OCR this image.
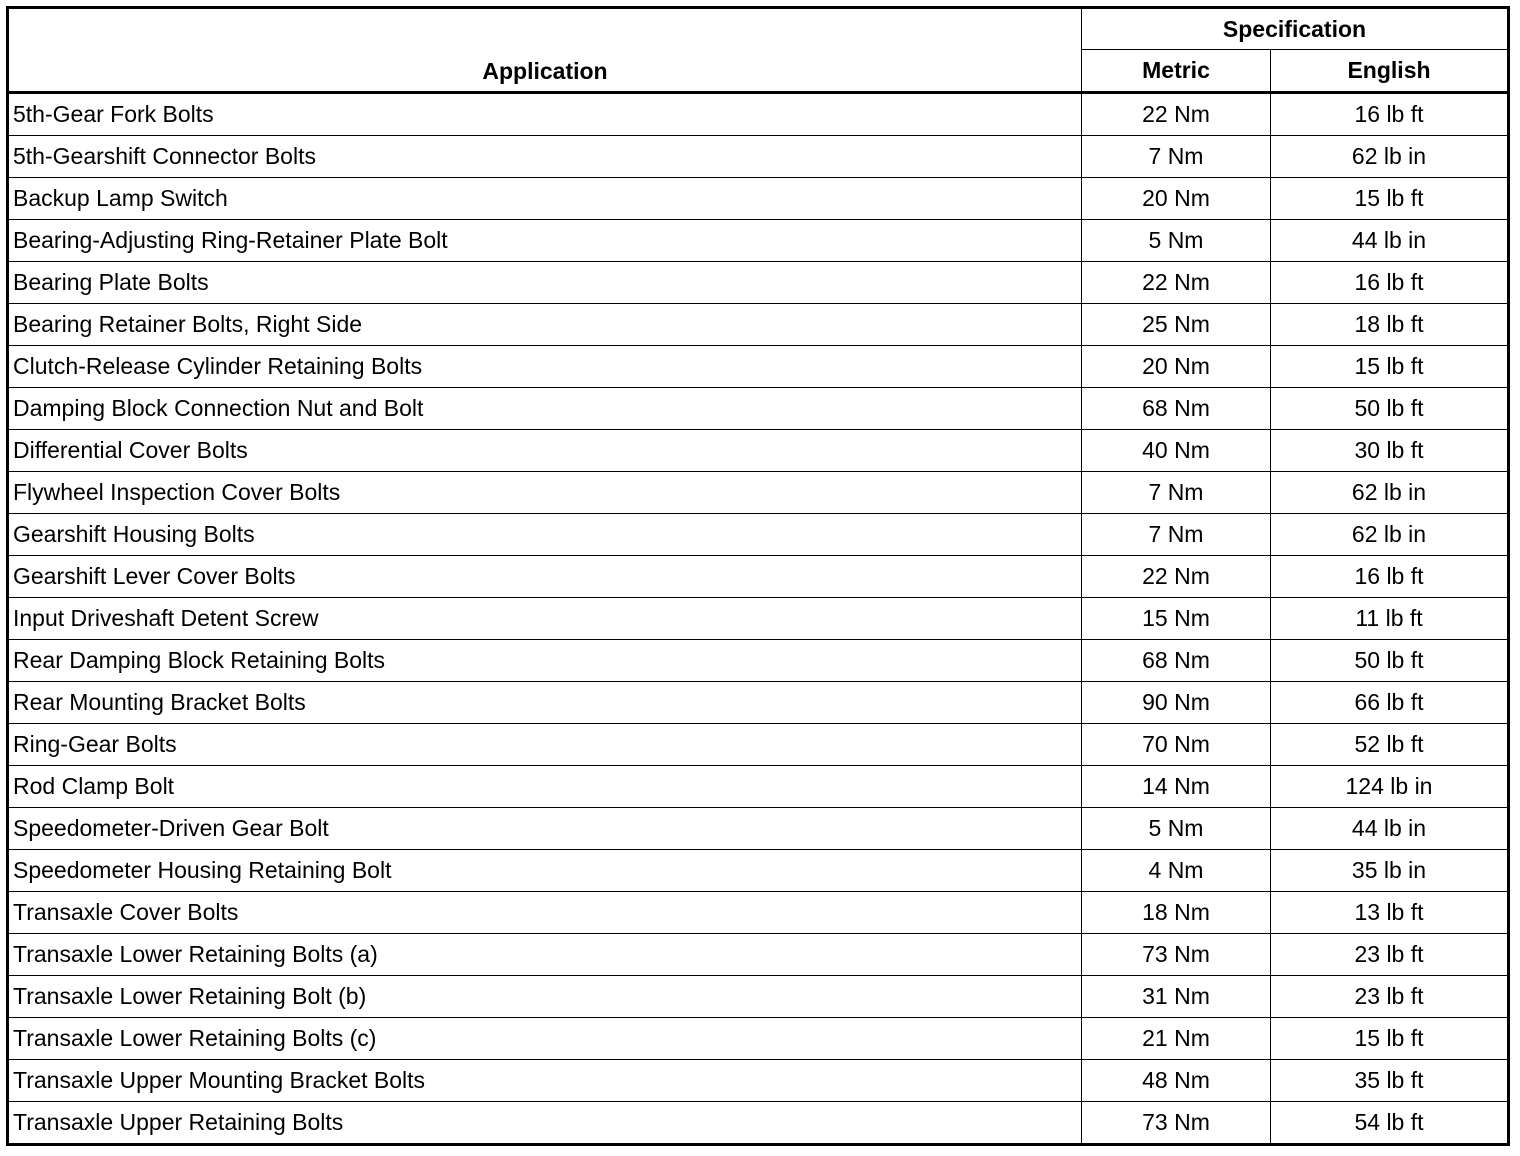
Application	Specification	
	Metric	English
5th-Gear Fork Bolts	22 Nm	16 lb ft
5th-Gearshift Connector Bolts	7 Nm	62 lb in
Backup Lamp Switch	20 Nm	15 lb ft
Bearing-Adjusting Ring-Retainer Plate Bolt	5 Nm	44 lb in
Bearing Plate Bolts	22 Nm	16 lb ft
Bearing Retainer Bolts, Right Side	25 Nm	18 lb ft
Clutch-Release Cylinder Retaining Bolts	20 Nm	15 lb ft
Damping Block Connection Nut and Bolt	68 Nm	50 lb ft
Differential Cover Bolts	40 Nm	30 lb ft
Flywheel Inspection Cover Bolts	7 Nm	62 lb in
Gearshift Housing Bolts	7 Nm	62 lb in
Gearshift Lever Cover Bolts	22 Nm	16 lb ft
Input Driveshaft Detent Screw	15 Nm	11 lb ft
Rear Damping Block Retaining Bolts	68 Nm	50 lb ft
Rear Mounting Bracket Bolts	90 Nm	66 lb ft
Ring-Gear Bolts	70 Nm	52 lb ft
Rod Clamp Bolt	14 Nm	124 lb in
Speedometer-Driven Gear Bolt	5 Nm	44 lb in
Speedometer Housing Retaining Bolt	4 Nm	35 lb in
Transaxle Cover Bolts	18 Nm	13 lb ft
Transaxle Lower Retaining Bolts (a)	73 Nm	23 lb ft
Transaxle Lower Retaining Bolt (b)	31 Nm	23 lb ft
Transaxle Lower Retaining Bolts (c)	21 Nm	15 lb ft
Transaxle Upper Mounting Bracket Bolts	48 Nm	35 lb ft
Transaxle Upper Retaining Bolts	73 Nm	54 lb ft
